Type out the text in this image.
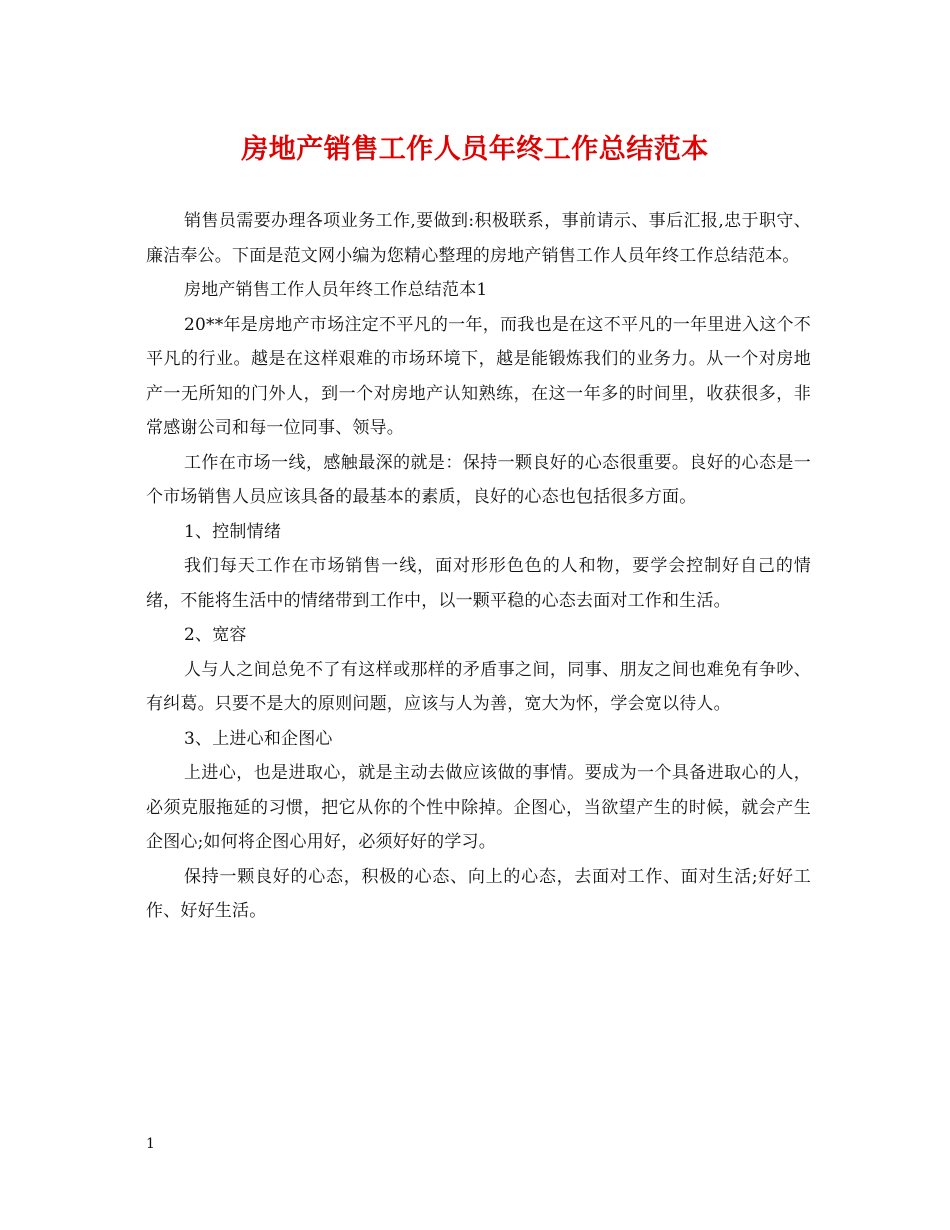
房地产销售工作人员年终工作总结范本

销售员需要办理各项业务工作,要做到:积极联系，事前请示、事后汇报,忠于职守、廉洁奉公。下面是范文网小编为您精心整理的房地产销售工作人员年终工作总结范本。

房地产销售工作人员年终工作总结范本1

20**年是房地产市场注定不平凡的一年，而我也是在这不平凡的一年里进入这个不平凡的行业。越是在这样艰难的市场环境下，越是能锻炼我们的业务力。从一个对房地产一无所知的门外人，到一个对房地产认知熟练，在这一年多的时间里，收获很多，非常感谢公司和每一位同事、领导。

工作在市场一线，感触最深的就是：保持一颗良好的心态很重要。良好的心态是一个市场销售人员应该具备的最基本的素质，良好的心态也包括很多方面。

1、控制情绪

我们每天工作在市场销售一线，面对形形色色的人和物，要学会控制好自己的情绪，不能将生活中的情绪带到工作中，以一颗平稳的心态去面对工作和生活。

2、宽容

人与人之间总免不了有这样或那样的矛盾事之间，同事、朋友之间也难免有争吵、有纠葛。只要不是大的原则问题，应该与人为善，宽大为怀，学会宽以待人。

3、上进心和企图心

上进心，也是进取心，就是主动去做应该做的事情。要成为一个具备进取心的人，必须克服拖延的习惯，把它从你的个性中除掉。企图心，当欲望产生的时候，就会产生企图心;如何将企图心用好，必须好好的学习。

保持一颗良好的心态，积极的心态、向上的心态，去面对工作、面对生活;好好工作、好好生活。

1
